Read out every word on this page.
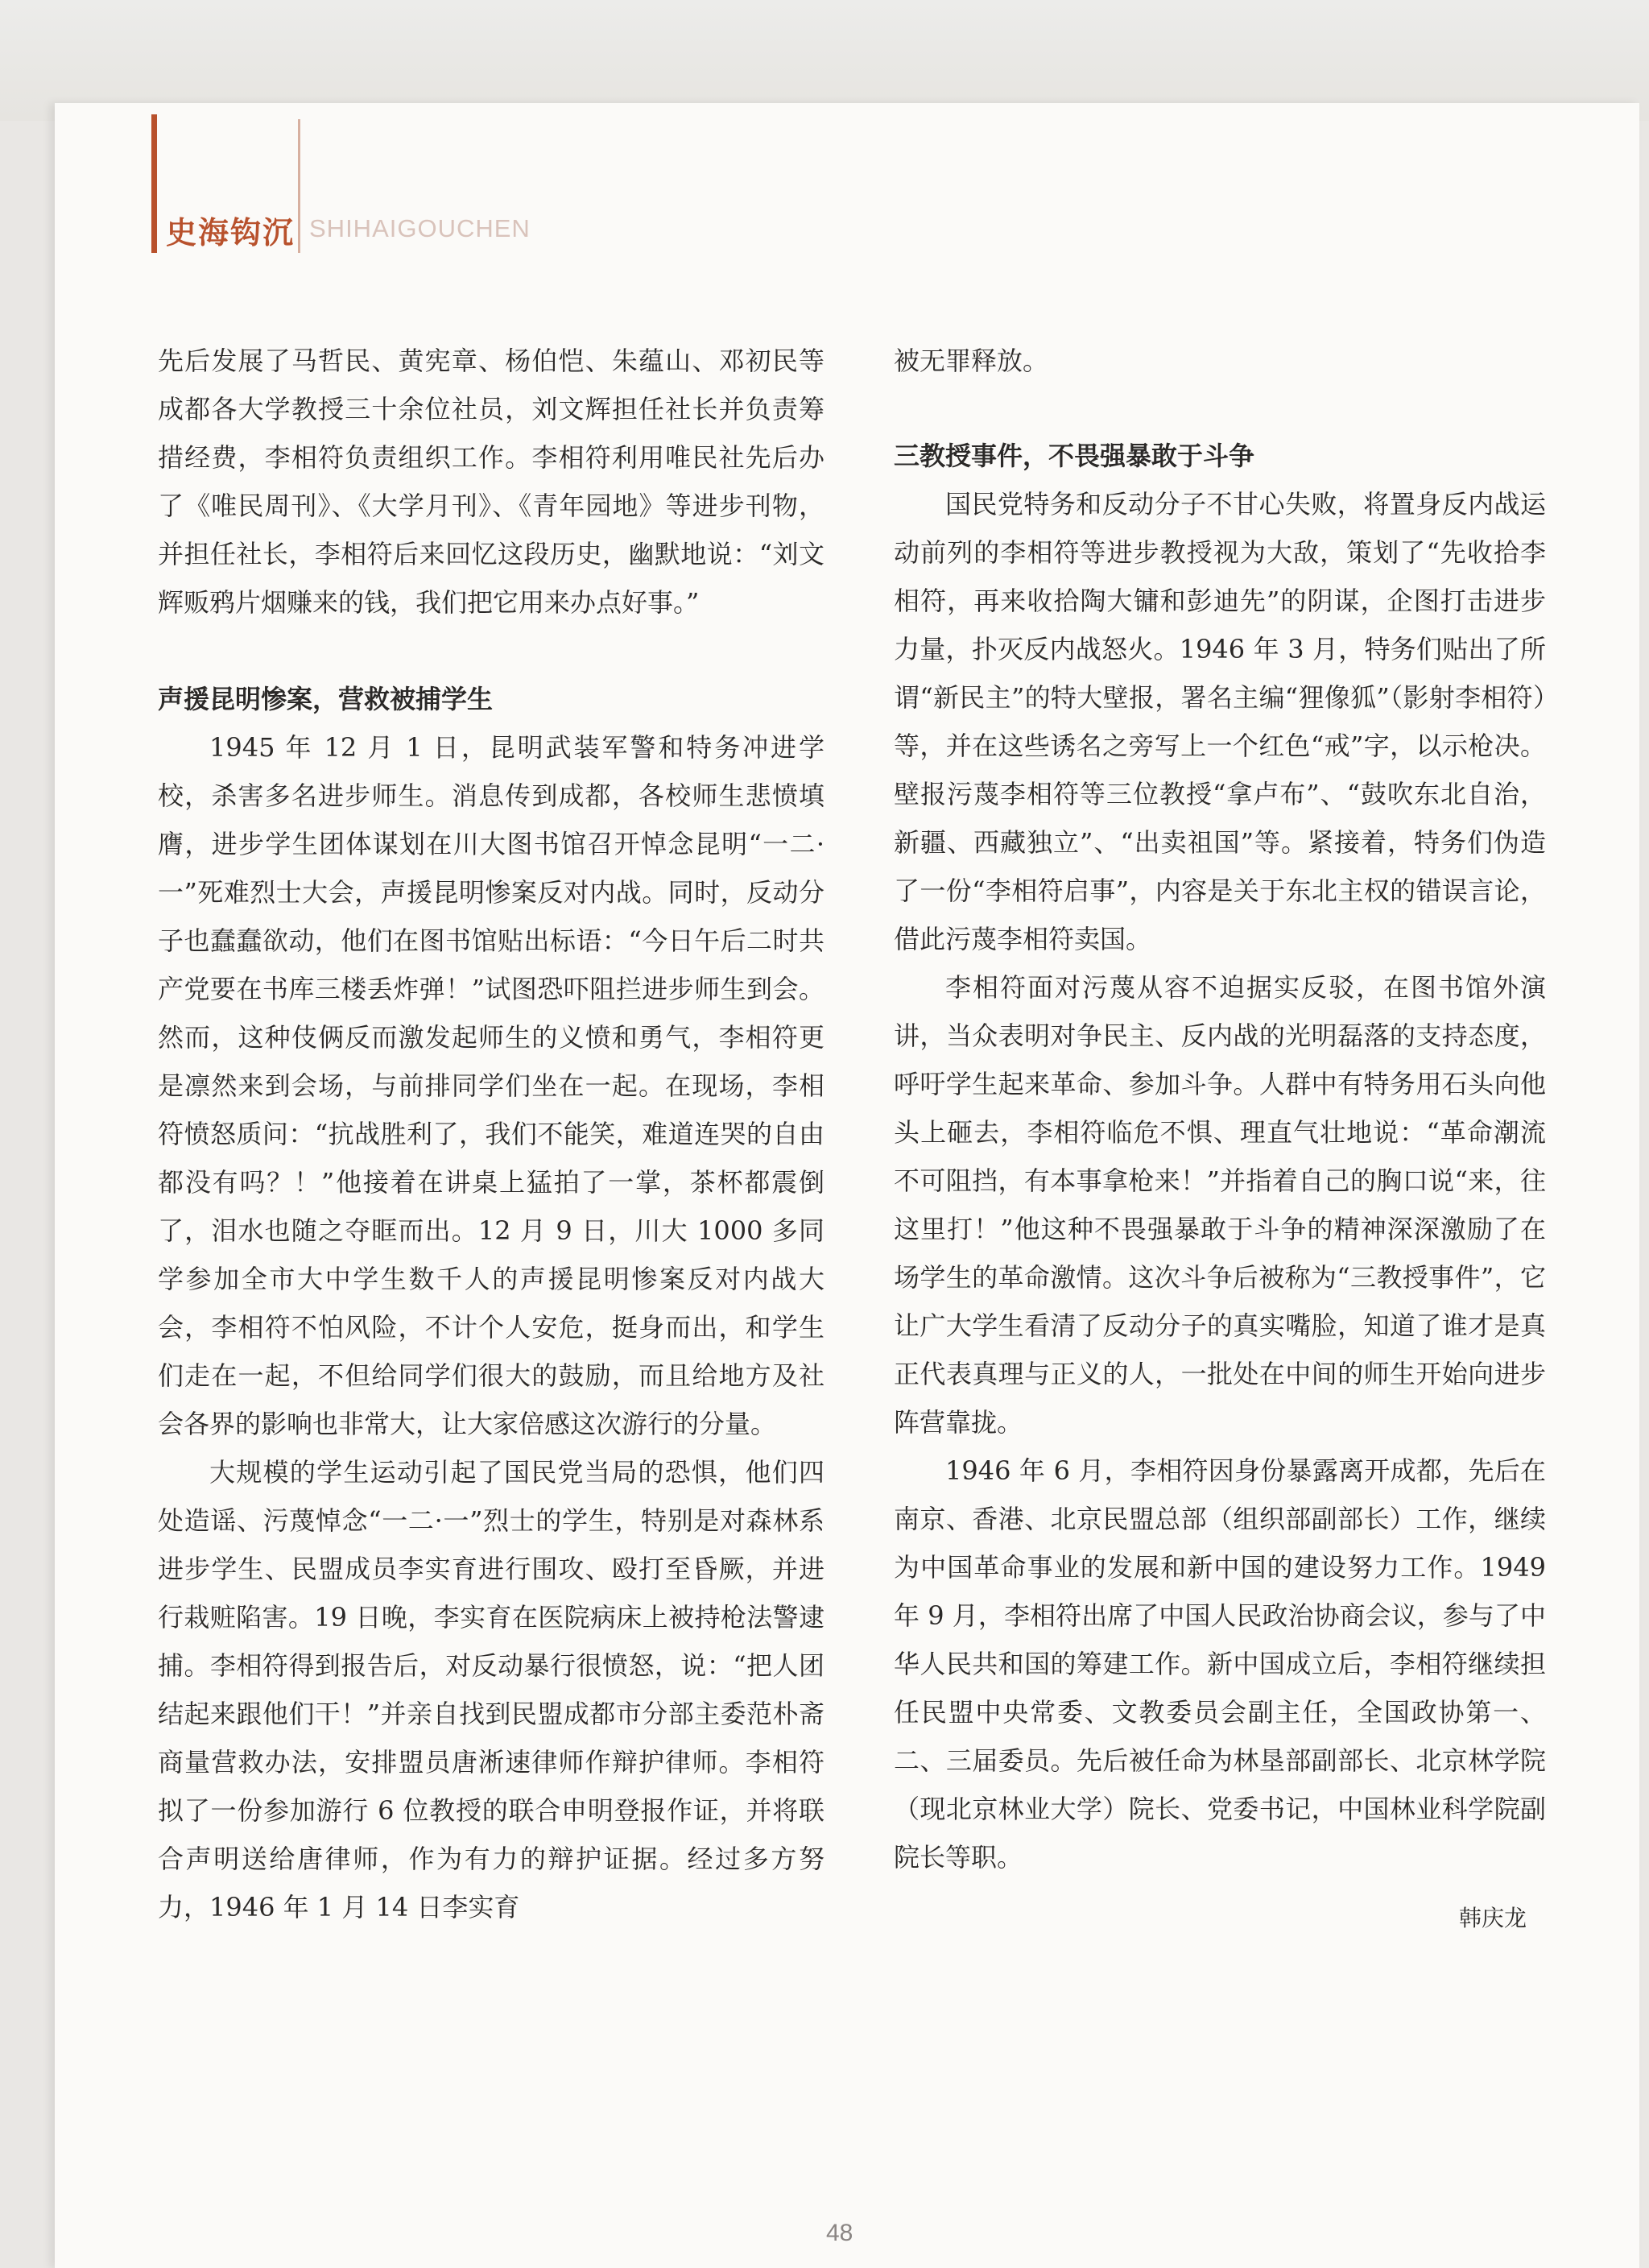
史海钩沉 SHIHAIGOUCHEN

先后发展了马哲民、黄宪章、杨伯恺、朱蕴山、邓初民等成都各大学教授三十余位社员，刘文辉担任社长并负责筹措经费，李相符负责组织工作。李相符利用唯民社先后办了《唯民周刊》、《大学月刊》、《青年园地》等进步刊物，并担任社长，李相符后来回忆这段历史，幽默地说：“刘文辉贩鸦片烟赚来的钱，我们把它用来办点好事。”

声援昆明惨案，营救被捕学生

1945 年 12 月 1 日，昆明武装军警和特务冲进学校，杀害多名进步师生。消息传到成都，各校师生悲愤填膺，进步学生团体谋划在川大图书馆召开悼念昆明“一二·一”死难烈士大会，声援昆明惨案反对内战。同时，反动分子也蠢蠢欲动，他们在图书馆贴出标语：“今日午后二时共产党要在书库三楼丢炸弹！”试图恐吓阻拦进步师生到会。然而，这种伎俩反而激发起师生的义愤和勇气，李相符更是凛然来到会场，与前排同学们坐在一起。在现场，李相符愤怒质问：“抗战胜利了，我们不能笑，难道连哭的自由都没有吗？！”他接着在讲桌上猛拍了一掌，茶杯都震倒了，泪水也随之夺眶而出。12 月 9 日，川大 1000 多同学参加全市大中学生数千人的声援昆明惨案反对内战大会，李相符不怕风险，不计个人安危，挺身而出，和学生们走在一起，不但给同学们很大的鼓励，而且给地方及社会各界的影响也非常大，让大家倍感这次游行的分量。

大规模的学生运动引起了国民党当局的恐惧，他们四处造谣、污蔑悼念“一二·一”烈士的学生，特别是对森林系进步学生、民盟成员李实育进行围攻、殴打至昏厥，并进行栽赃陷害。19 日晚，李实育在医院病床上被持枪法警逮捕。李相符得到报告后，对反动暴行很愤怒，说：“把人团结起来跟他们干！”并亲自找到民盟成都市分部主委范朴斋商量营救办法，安排盟员唐淅速律师作辩护律师。李相符拟了一份参加游行 6 位教授的联合申明登报作证，并将联合声明送给唐律师，作为有力的辩护证据。经过多方努力，1946 年 1 月 14 日李实育

被无罪释放。

三教授事件，不畏强暴敢于斗争

国民党特务和反动分子不甘心失败，将置身反内战运动前列的李相符等进步教授视为大敌，策划了“先收拾李相符，再来收拾陶大镛和彭迪先”的阴谋，企图打击进步力量，扑灭反内战怒火。1946 年 3 月，特务们贴出了所谓“新民主”的特大壁报，署名主编“狸像狐”（影射李相符）等，并在这些诱名之旁写上一个红色“戒”字，以示枪决。壁报污蔑李相符等三位教授“拿卢布”、“鼓吹东北自治，新疆、西藏独立”、“出卖祖国”等。紧接着，特务们伪造了一份“李相符启事”，内容是关于东北主权的错误言论，借此污蔑李相符卖国。

李相符面对污蔑从容不迫据实反驳，在图书馆外演讲，当众表明对争民主、反内战的光明磊落的支持态度，呼吁学生起来革命、参加斗争。人群中有特务用石头向他头上砸去，李相符临危不惧、理直气壮地说：“革命潮流不可阻挡，有本事拿枪来！”并指着自己的胸口说“来，往这里打！”他这种不畏强暴敢于斗争的精神深深激励了在场学生的革命激情。这次斗争后被称为“三教授事件”，它让广大学生看清了反动分子的真实嘴脸，知道了谁才是真正代表真理与正义的人，一批处在中间的师生开始向进步阵营靠拢。

1946 年 6 月，李相符因身份暴露离开成都，先后在南京、香港、北京民盟总部（组织部副部长）工作，继续为中国革命事业的发展和新中国的建设努力工作。1949 年 9 月，李相符出席了中国人民政治协商会议，参与了中华人民共和国的筹建工作。新中国成立后，李相符继续担任民盟中央常委、文教委员会副主任，全国政协第一、二、三届委员。先后被任命为林垦部副部长、北京林学院（现北京林业大学）院长、党委书记，中国林业科学院副院长等职。

韩庆龙
48
